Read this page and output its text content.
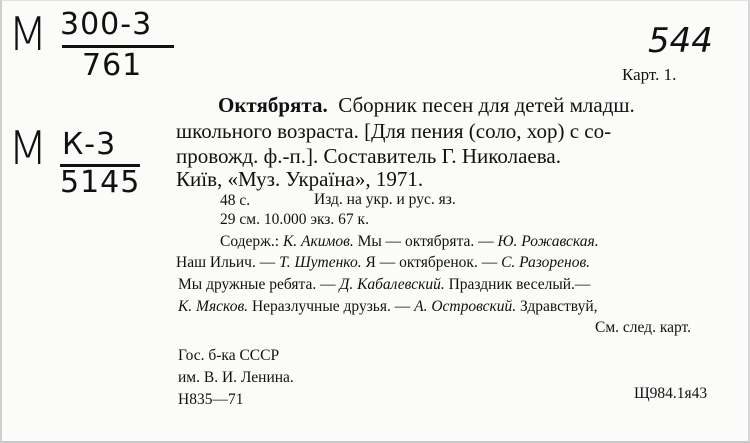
М 300-3
761
М К-3
5145
544
Карт. 1.
Октябрята. Сборник песен для детей младш.
школьного возраста. [Для пения (соло, хор) с со-
провожд. ф.-п.]. Составитель Г. Николаева.
Київ, «Муз. Україна», 1971.
48 с.	Изд. на укр. и рус. яз.
29 см. 10.000 экз. 67 к.
Содерж.: К. Акимов. Мы — октябрята. — Ю. Рожавская.
Наш Ильич. — Т. Шутенко. Я — октябренок. — С. Разоренов.
Мы дружные ребята. — Д. Кабалевский. Праздник веселый.—
К. Мясков. Неразлучные друзья. — А. Островский. Здравствуй,
См. след. карт.
Гос. б-ка СССР
им. В. И. Ленина.
Н835—71	Щ984.1я43
